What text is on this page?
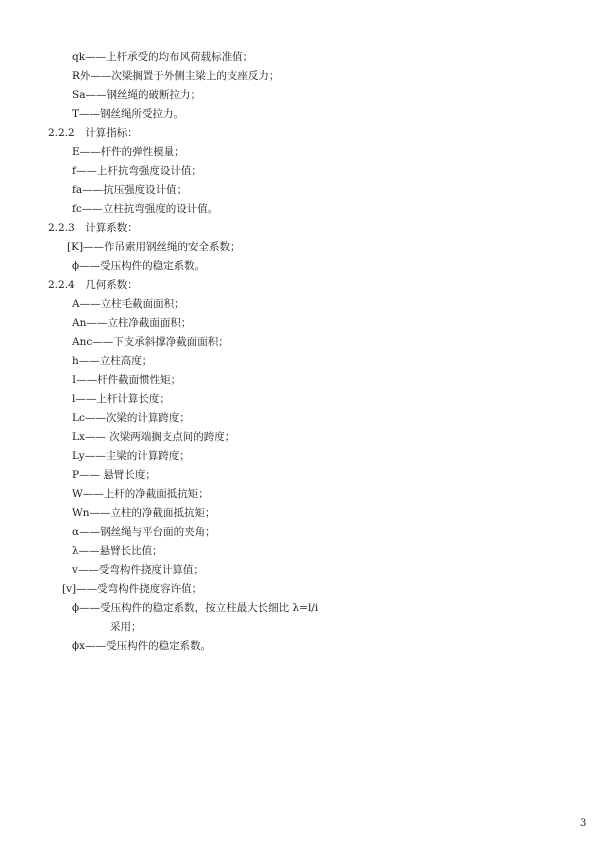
qk——上杆承受的均布风荷载标准值；
R外——次梁搁置于外侧主梁上的支座反力；
Sa——钢丝绳的破断拉力；
T——钢丝绳所受拉力。
2.2.2　计算指标：
E——杆件的弹性模量；
f——上杆抗弯强度设计值；
fa——抗压强度设计值；
fc——立柱抗弯强度的设计值。
2.2.3　计算系数：
[K]——作吊索用钢丝绳的安全系数；
ϕ——受压构件的稳定系数。
2.2.4　几何系数：
A——立柱毛截面面积；
An——立柱净截面面积；
Anc——下支承斜撑净截面面积；
h——立柱高度；
I——杆件截面惯性矩；
l——上杆计算长度；
Lc——次梁的计算跨度；
Lx—— 次梁两端搁支点间的跨度；
Ly——主梁的计算跨度；
P—— 悬臂长度；
W——上杆的净截面抵抗矩；
Wn——立柱的净截面抵抗矩；
α——钢丝绳与平台面的夹角；
λ——悬臂长比值；
v——受弯构件挠度计算值；
[v]——受弯构件挠度容许值；
ϕ——受压构件的稳定系数，按立柱最大长细比 λ=l/i
采用；
ϕx——受压构件的稳定系数。
3
